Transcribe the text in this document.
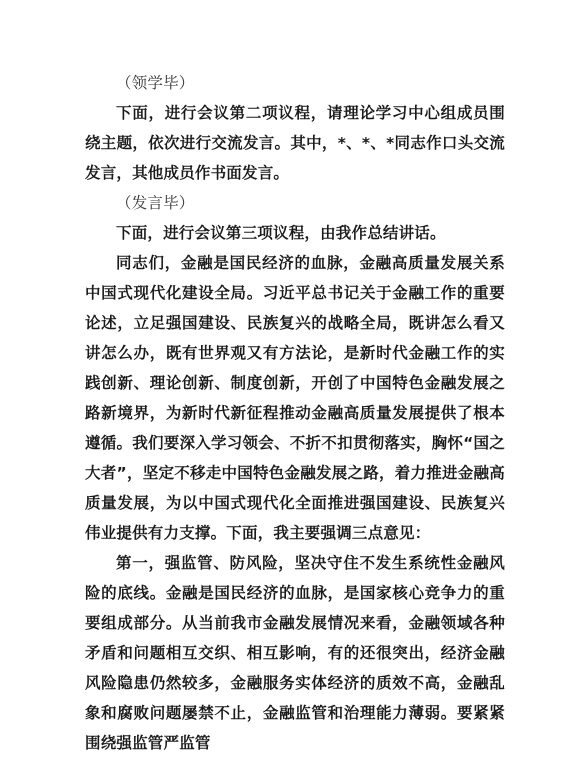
（领学毕）

下面，进行会议第二项议程，请理论学习中心组成员围绕主题，依次进行交流发言。其中，*、*、*同志作口头交流发言，其他成员作书面发言。

（发言毕）

下面，进行会议第三项议程，由我作总结讲话。

同志们，金融是国民经济的血脉，金融高质量发展关系中国式现代化建设全局。习近平总书记关于金融工作的重要论述，立足强国建设、民族复兴的战略全局，既讲怎么看又讲怎么办，既有世界观又有方法论，是新时代金融工作的实践创新、理论创新、制度创新，开创了中国特色金融发展之路新境界，为新时代新征程推动金融高质量发展提供了根本遵循。我们要深入学习领会、不折不扣贯彻落实，胸怀“国之大者”，坚定不移走中国特色金融发展之路，着力推进金融高质量发展，为以中国式现代化全面推进强国建设、民族复兴伟业提供有力支撑。下面，我主要强调三点意见：

第一，强监管、防风险，坚决守住不发生系统性金融风险的底线。金融是国民经济的血脉，是国家核心竞争力的重要组成部分。从当前我市金融发展情况来看，金融领域各种矛盾和问题相互交织、相互影响，有的还很突出，经济金融风险隐患仍然较多，金融服务实体经济的质效不高，金融乱象和腐败问题屡禁不止，金融监管和治理能力薄弱。要紧紧围绕强监管严监管
